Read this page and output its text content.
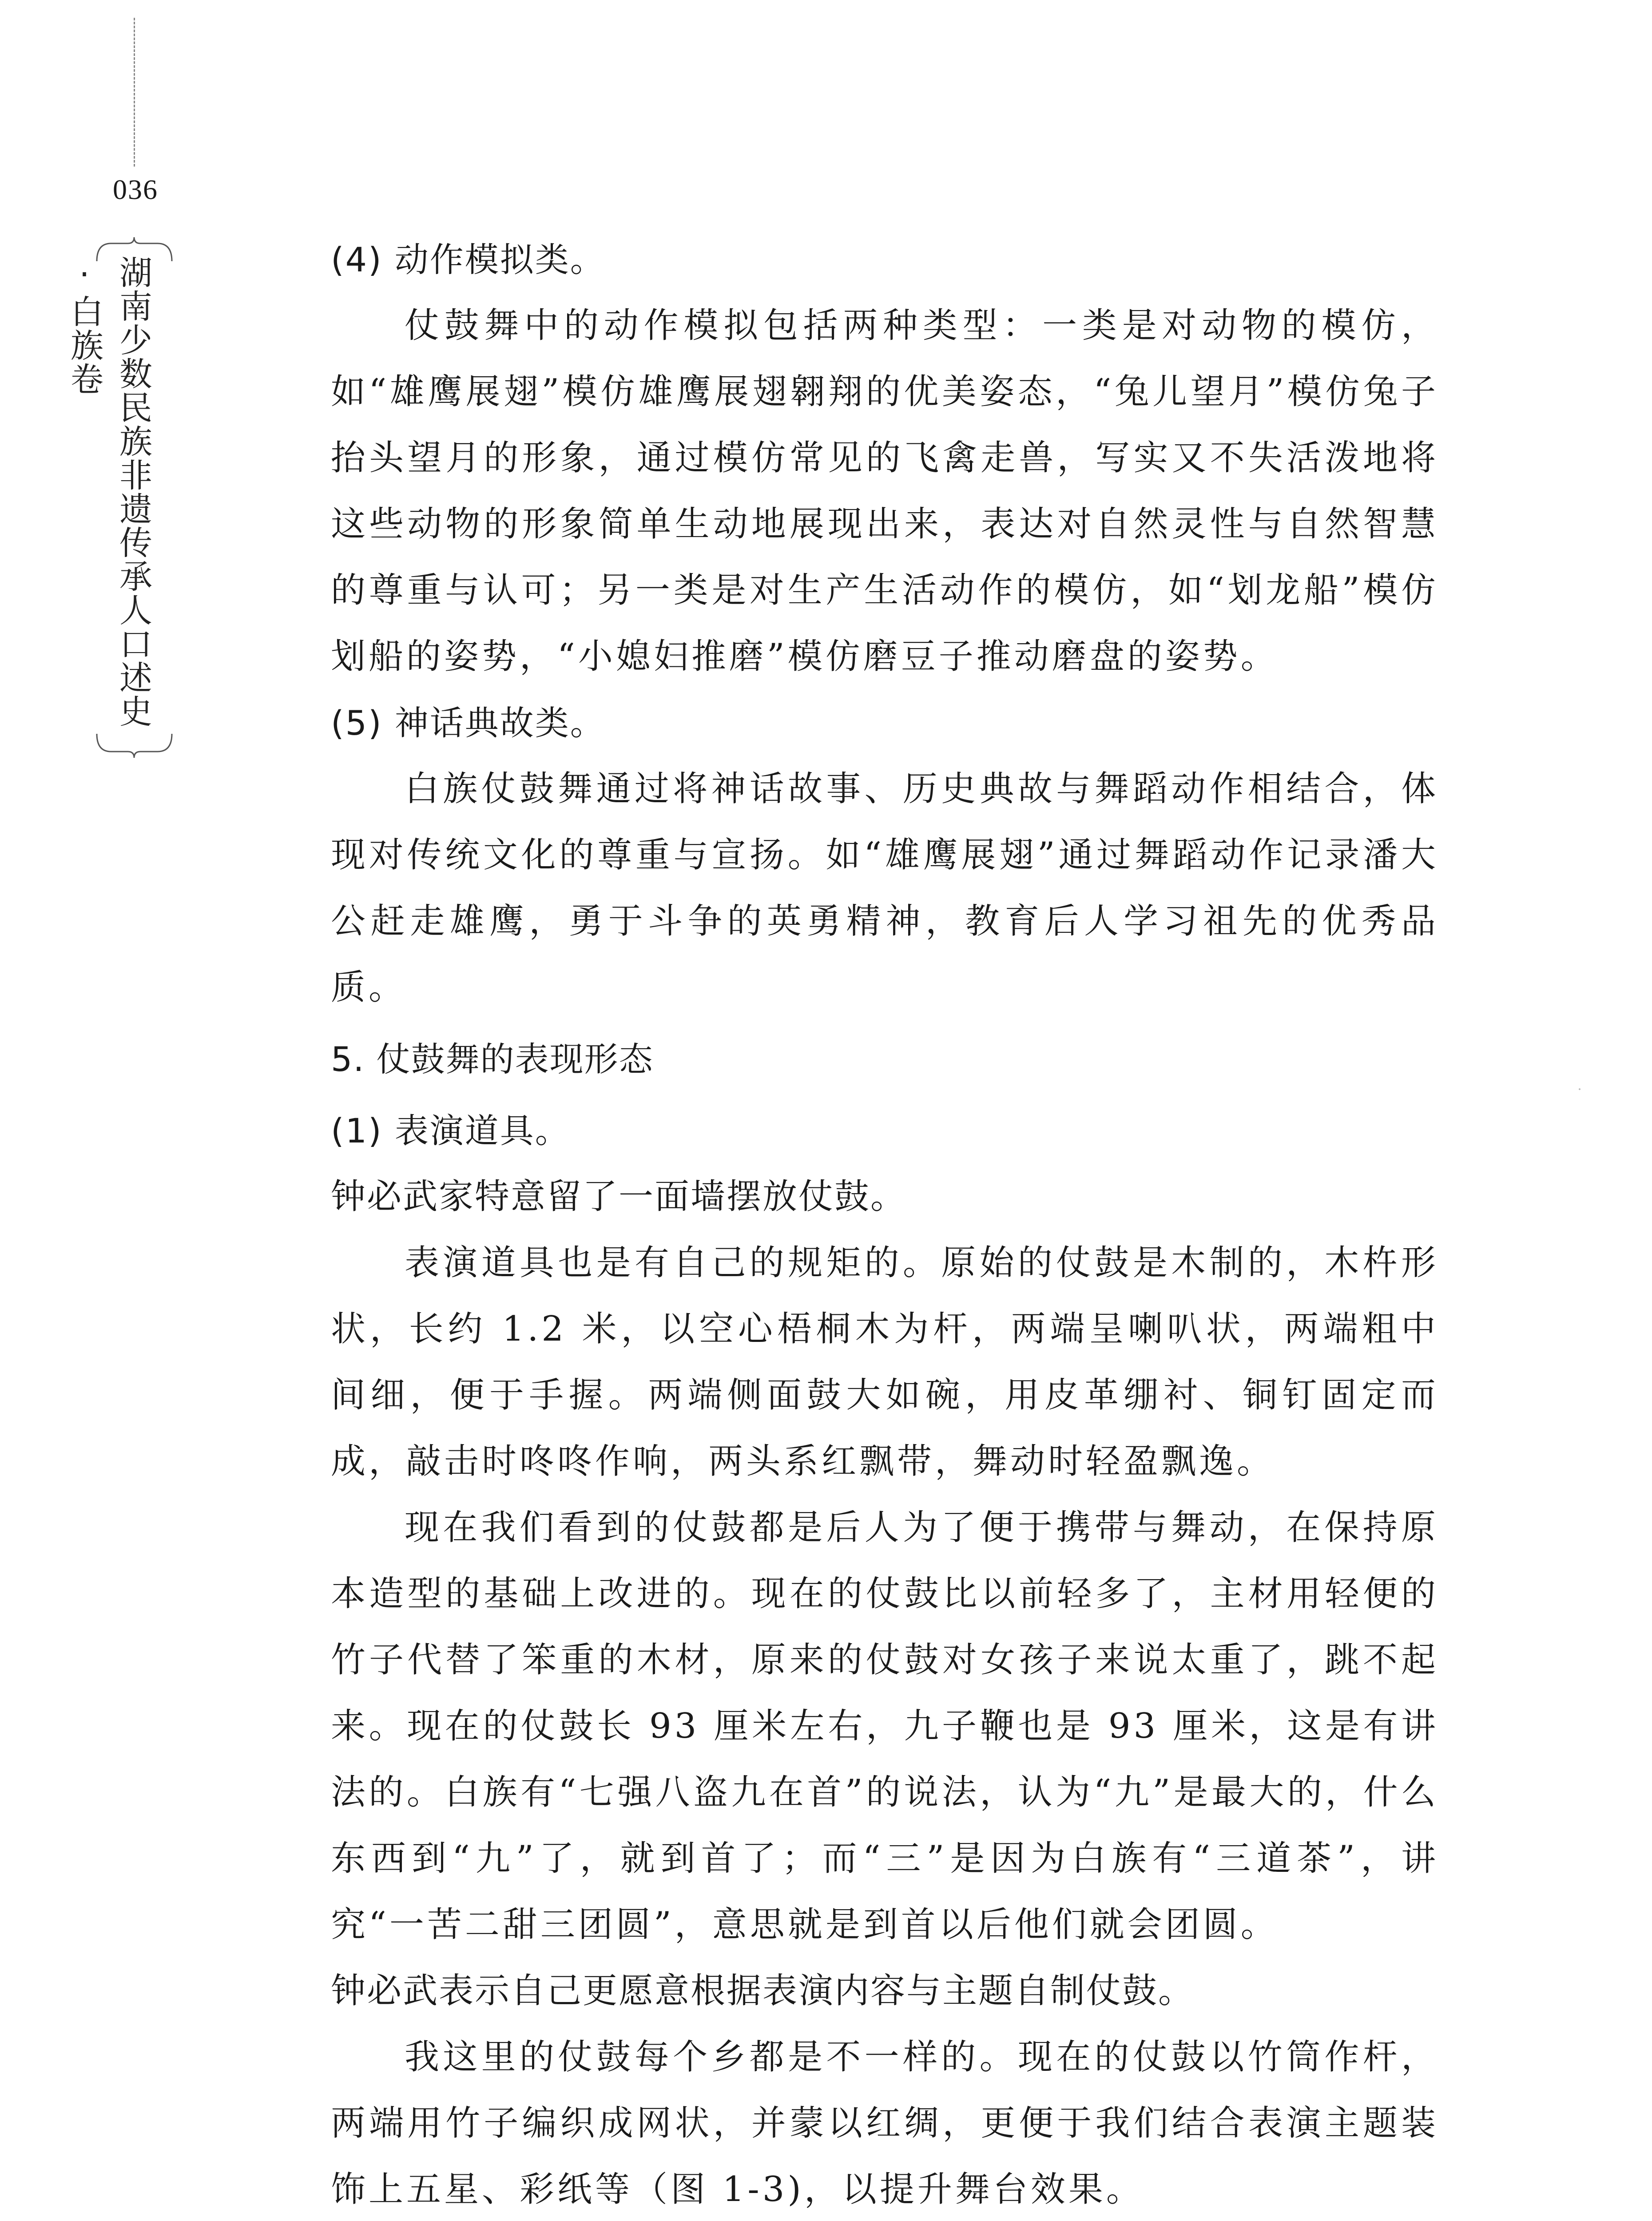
036
湖南少数民族非遗传承人口述史·白族卷	(4) 动作模拟类。

仗鼓舞中的动作模拟包括两种类型：一类是对动物的模仿，如“雄鹰展翅”模仿雄鹰展翅翱翔的优美姿态，“兔儿望月”模仿兔子抬头望月的形象，通过模仿常见的飞禽走兽，写实又不失活泼地将这些动物的形象简单生动地展现出来，表达对自然灵性与自然智慧的尊重与认可；另一类是对生产生活动作的模仿，如“划龙船”模仿划船的姿势，“小媳妇推磨”模仿磨豆子推动磨盘的姿势。

(5) 神话典故类。

白族仗鼓舞通过将神话故事、历史典故与舞蹈动作相结合，体现对传统文化的尊重与宣扬。如“雄鹰展翅”通过舞蹈动作记录潘大公赶走雄鹰，勇于斗争的英勇精神，教育后人学习祖先的优秀品质。

5. 仗鼓舞的表现形态

(1) 表演道具。

钟必武家特意留了一面墙摆放仗鼓。

表演道具也是有自己的规矩的。原始的仗鼓是木制的，木杵形状，长约 1.2 米，以空心梧桐木为杆，两端呈喇叭状，两端粗中间细，便于手握。两端侧面鼓大如碗，用皮革绷衬、铜钉固定而成，敲击时咚咚作响，两头系红飘带，舞动时轻盈飘逸。

现在我们看到的仗鼓都是后人为了便于携带与舞动，在保持原本造型的基础上改进的。现在的仗鼓比以前轻多了，主材用轻便的竹子代替了笨重的木材，原来的仗鼓对女孩子来说太重了，跳不起来。现在的仗鼓长 93 厘米左右，九子鞭也是 93 厘米，这是有讲法的。白族有“七强八盗九在首”的说法，认为“九”是最大的，什么东西到“九”了，就到首了；而“三”是因为白族有“三道茶”，讲究“一苦二甜三团圆”，意思就是到首以后他们就会团圆。

钟必武表示自己更愿意根据表演内容与主题自制仗鼓。

我这里的仗鼓每个乡都是不一样的。现在的仗鼓以竹筒作杆，两端用竹子编织成网状，并蒙以红绸，更便于我们结合表演主题装饰上五星、彩纸等（图 1-3)，以提升舞台效果。
